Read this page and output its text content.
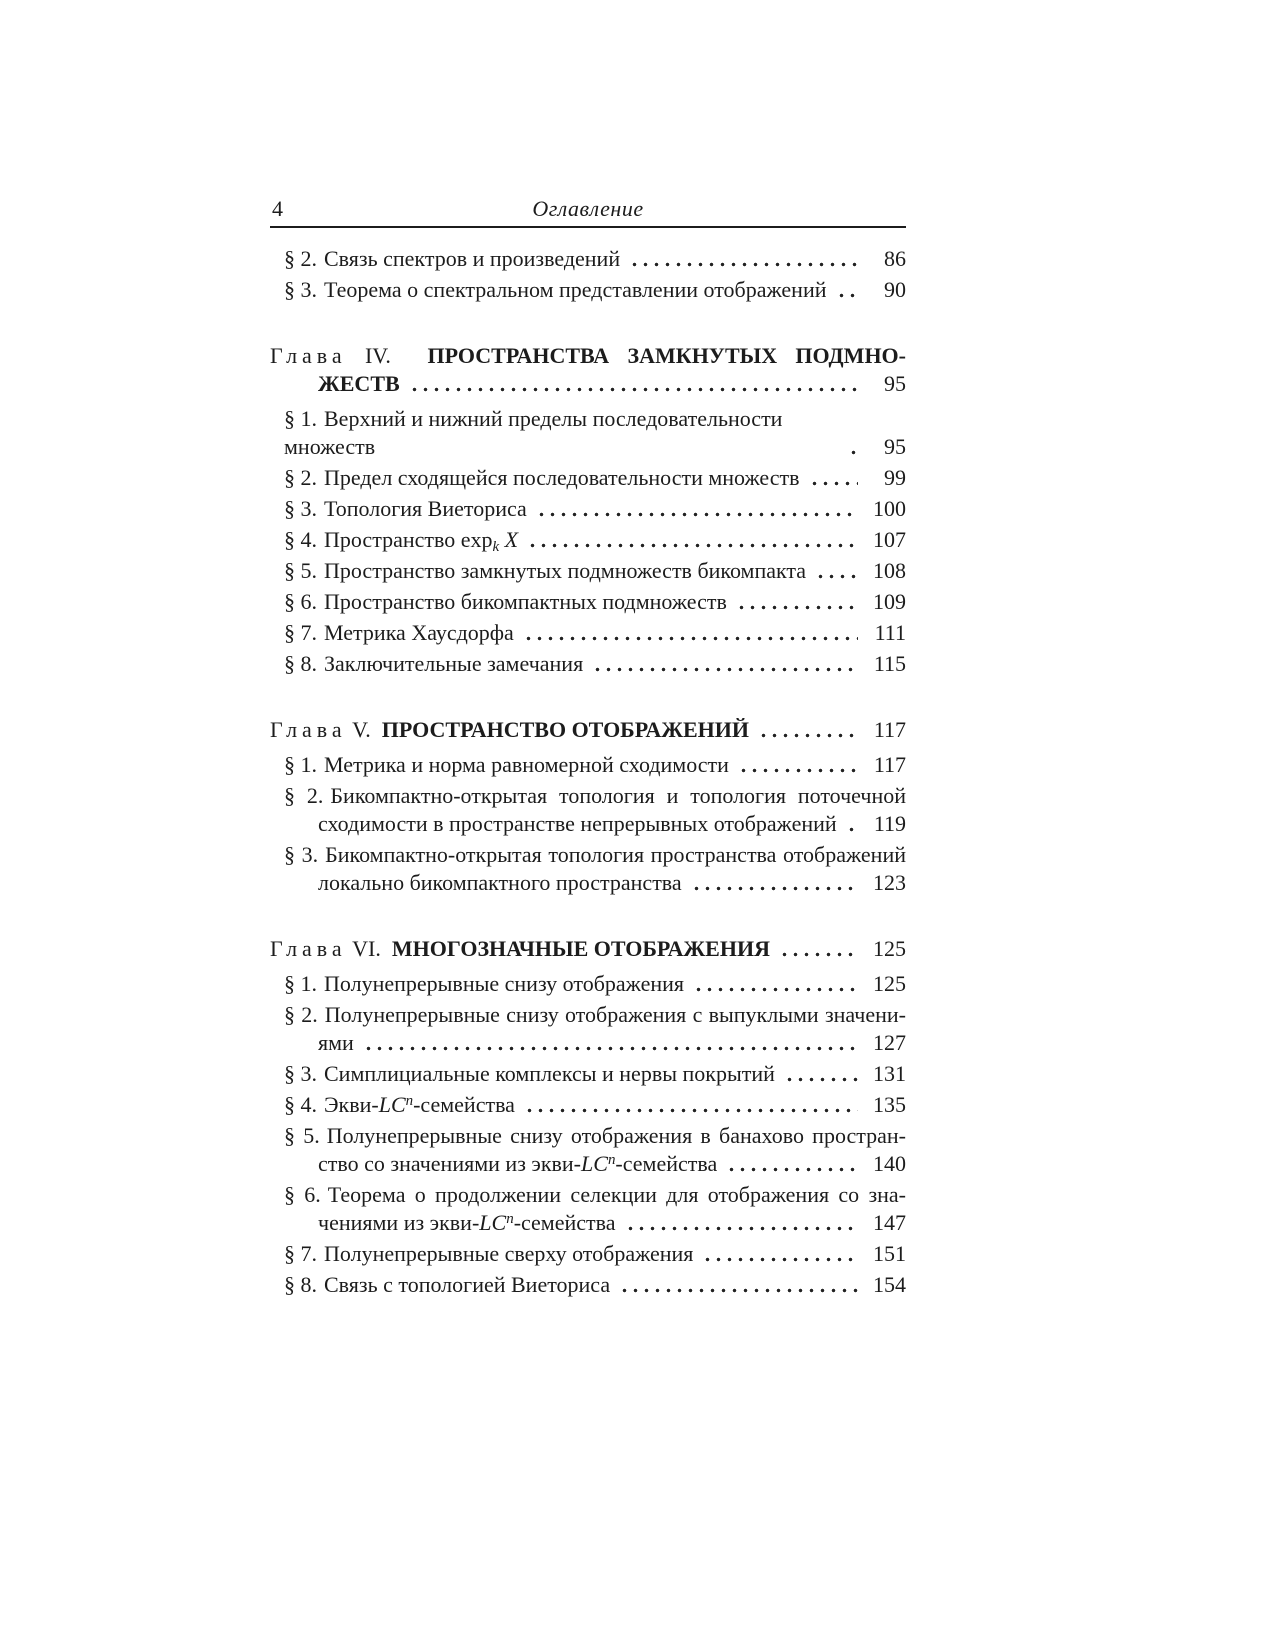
4	Оглавление
§ 2. Связь спектров и произведений	86
§ 3. Теорема о спектральном представлении отображений	90
Глава IV.  ПРОСТРАНСТВА ЗАМКНУТЫХ ПОДМНО-
ЖЕСТВ	95
§ 1. Верхний и нижний пределы последовательности множеств	95
§ 2. Предел сходящейся последовательности множеств	99
§ 3. Топология Виеториса	100
§ 4. Пространство $\exp_k X$	107
§ 5. Пространство замкнутых подмножеств бикомпакта	108
§ 6. Пространство бикомпактных подмножеств	109
§ 7. Метрика Хаусдорфа	111
§ 8. Заключительные замечания	115
Глава V.  ПРОСТРАНСТВО ОТОБРАЖЕНИЙ	117
§ 1. Метрика и норма равномерной сходимости	117
§ 2. Бикомпактно-открытая топология и топология поточечной
сходимости в пространстве непрерывных отображений	119
§ 3. Бикомпактно-открытая топология пространства отображений
локально бикомпактного пространства	123
Глава VI.  МНОГОЗНАЧНЫЕ ОТОБРАЖЕНИЯ	125
§ 1. Полунепрерывные снизу отображения	125
§ 2. Полунепрерывные снизу отображения с выпуклыми значени-
ями	127
§ 3. Симплициальные комплексы и нервы покрытий	131
§ 4. Экви-$LC^n$-семейства	135
§ 5. Полунепрерывные снизу отображения в банахово простран-
ство со значениями из экви-$LC^n$-семейства	140
§ 6. Теорема о продолжении селекции для отображения со зна-
чениями из экви-$LC^n$-семейства	147
§ 7. Полунепрерывные сверху отображения	151
§ 8. Связь с топологией Виеториса	154
